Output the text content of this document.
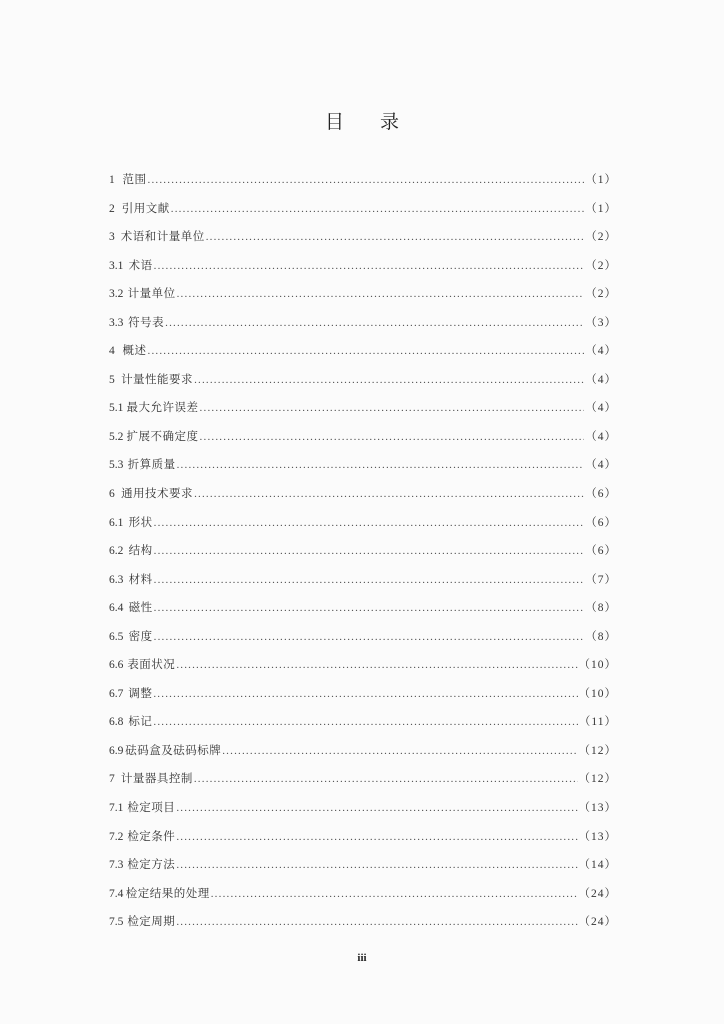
目 录
1 范围 .....	（1）
2 引用文献 .....	（1）
3 术语和计量单位 .....	（2）
3.1 术语 .....	（2）
3.2 计量单位 .....	（2）
3.3 符号表 .....	（3）
4 概述 .....	（4）
5 计量性能要求 .....	（4）
5.1 最大允许误差 .....	（4）
5.2 扩展不确定度 .....	（4）
5.3 折算质量 .....	（4）
6 通用技术要求 .....	（6）
6.1 形状 .....	（6）
6.2 结构 .....	（6）
6.3 材料 .....	（7）
6.4 磁性 .....	（8）
6.5 密度 .....	（8）
6.6 表面状况 .....	（10）
6.7 调整 .....	（10）
6.8 标记 .....	（11）
6.9 砝码盒及砝码标牌 .....	（12）
7 计量器具控制 .....	（12）
7.1 检定项目 .....	（13）
7.2 检定条件 .....	（13）
7.3 检定方法 .....	（14）
7.4 检定结果的处理 .....	（24）
7.5 检定周期 .....	（24）
iii
